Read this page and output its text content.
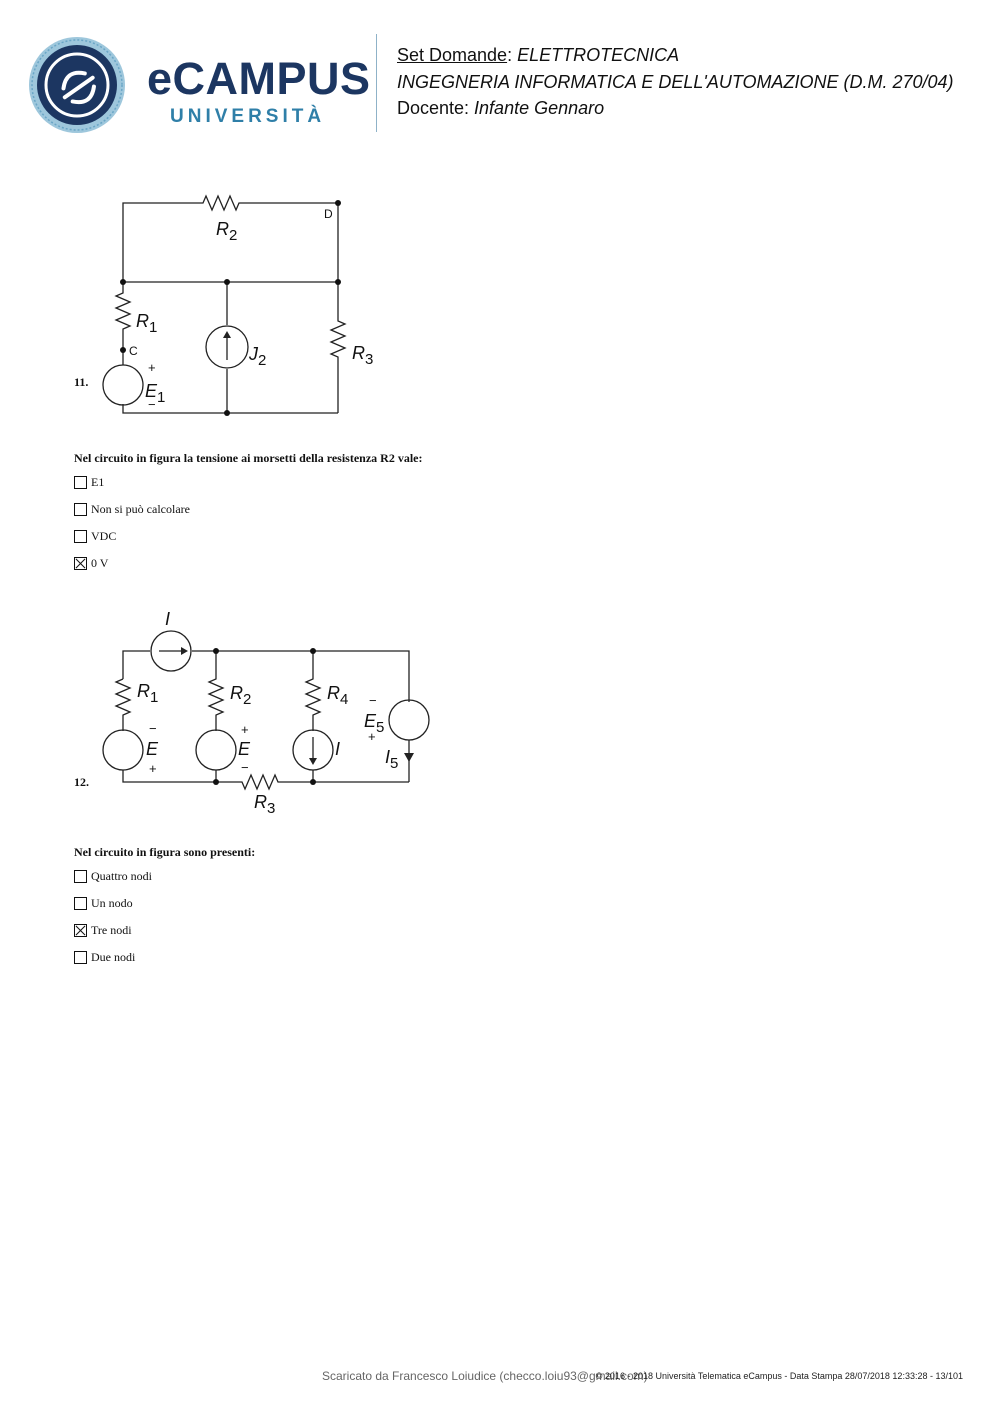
eCAMPUS
UNIVERSITÀ
Set Domande: ELETTROTECNICA
INGEGNERIA INFORMATICA E DELL'AUTOMAZIONE (D.M. 270/04)
Docente: Infante Gennaro
$R_2$
$R_1$
$J_2$	$R_3$
$E_1$
D
C
+
−
11.
Nel circuito in figura la tensione ai morsetti della resistenza R2 vale:
E1
Non si può calcolare
VDC
0 V
I
$R_1$	$R_2$	$R_4$
$E_5$
E	E	I $I_5$
$R_3$
−
+
+
−
−
+
12.
Nel circuito in figura sono presenti:
Quattro nodi
Un nodo
Tre nodi
Due nodi
Scaricato da Francesco Loiudice (checco.loiu93@gmail.com)
© 2016 - 2018 Università Telematica eCampus - Data Stampa 28/07/2018 12:33:28 - 13/101
